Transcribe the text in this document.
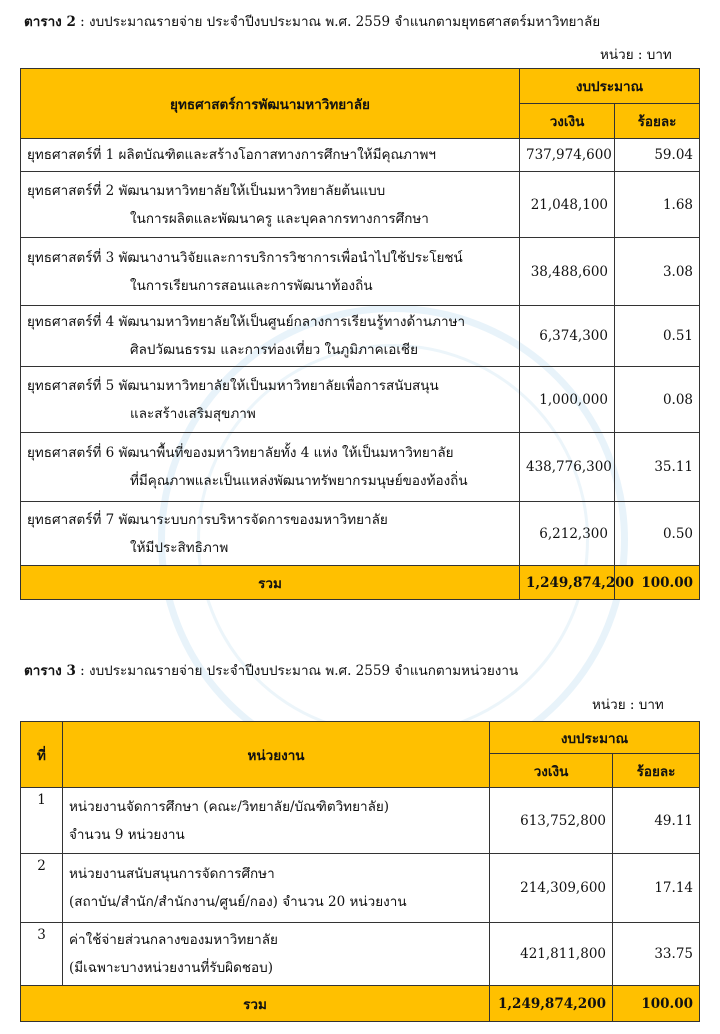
ตาราง 2 : งบประมาณรายจ่าย ประจำปีงบประมาณ พ.ศ. 2559 จำแนกตามยุทธศาสตร์มหาวิทยาลัย
หน่วย : บาท
ยุทธศาสตร์การพัฒนามหาวิทยาลัย	งบประมาณ	
	วงเงิน	ร้อยละ

ยุทธศาสตร์ที่ 1 ผลิตบัณฑิตและสร้างโอกาสทางการศึกษาให้มีคุณภาพฯ	737,974,600	59.04

ยุทธศาสตร์ที่ 2 พัฒนามหาวิทยาลัยให้เป็นมหาวิทยาลัยต้นแบบ
ในการผลิตและพัฒนาครู และบุคลากรทางการศึกษา	21,048,100	1.68

ยุทธศาสตร์ที่ 3 พัฒนางานวิจัยและการบริการวิชาการเพื่อนำไปใช้ประโยชน์
ในการเรียนการสอนและการพัฒนาท้องถิ่น	38,488,600	3.08

ยุทธศาสตร์ที่ 4 พัฒนามหาวิทยาลัยให้เป็นศูนย์กลางการเรียนรู้ทางด้านภาษา
ศิลปวัฒนธรรม และการท่องเที่ยว ในภูมิภาคเอเชีย	6,374,300	0.51

ยุทธศาสตร์ที่ 5 พัฒนามหาวิทยาลัยให้เป็นมหาวิทยาลัยเพื่อการสนับสนุน
และสร้างเสริมสุขภาพ	1,000,000	0.08

ยุทธศาสตร์ที่ 6 พัฒนาพื้นที่ของมหาวิทยาลัยทั้ง 4 แห่ง ให้เป็นมหาวิทยาลัย
ที่มีคุณภาพและเป็นแหล่งพัฒนาทรัพยากรมนุษย์ของท้องถิ่น	438,776,300	35.11

ยุทธศาสตร์ที่ 7 พัฒนาระบบการบริหารจัดการของมหาวิทยาลัย
ให้มีประสิทธิภาพ	6,212,300	0.50
รวม	1,249,874,200	100.00
ตาราง 3 : งบประมาณรายจ่าย ประจำปีงบประมาณ พ.ศ. 2559 จำแนกตามหน่วยงาน
หน่วย : บาท
ที่	หน่วยงาน	งบประมาณ	
		วงเงิน	ร้อยละ
1	หน่วยงานจัดการศึกษา (คณะ/วิทยาลัย/บัณฑิตวิทยาลัย)
จำนวน 9 หน่วยงาน	613,752,800	49.11
2	หน่วยงานสนับสนุนการจัดการศึกษา
(สถาบัน/สำนัก/สำนักงาน/ศูนย์/กอง) จำนวน 20 หน่วยงาน	214,309,600	17.14
3	ค่าใช้จ่ายส่วนกลางของมหาวิทยาลัย
(มีเฉพาะบางหน่วยงานที่รับผิดชอบ)	421,811,800	33.75
รวม		1,249,874,200	100.00
